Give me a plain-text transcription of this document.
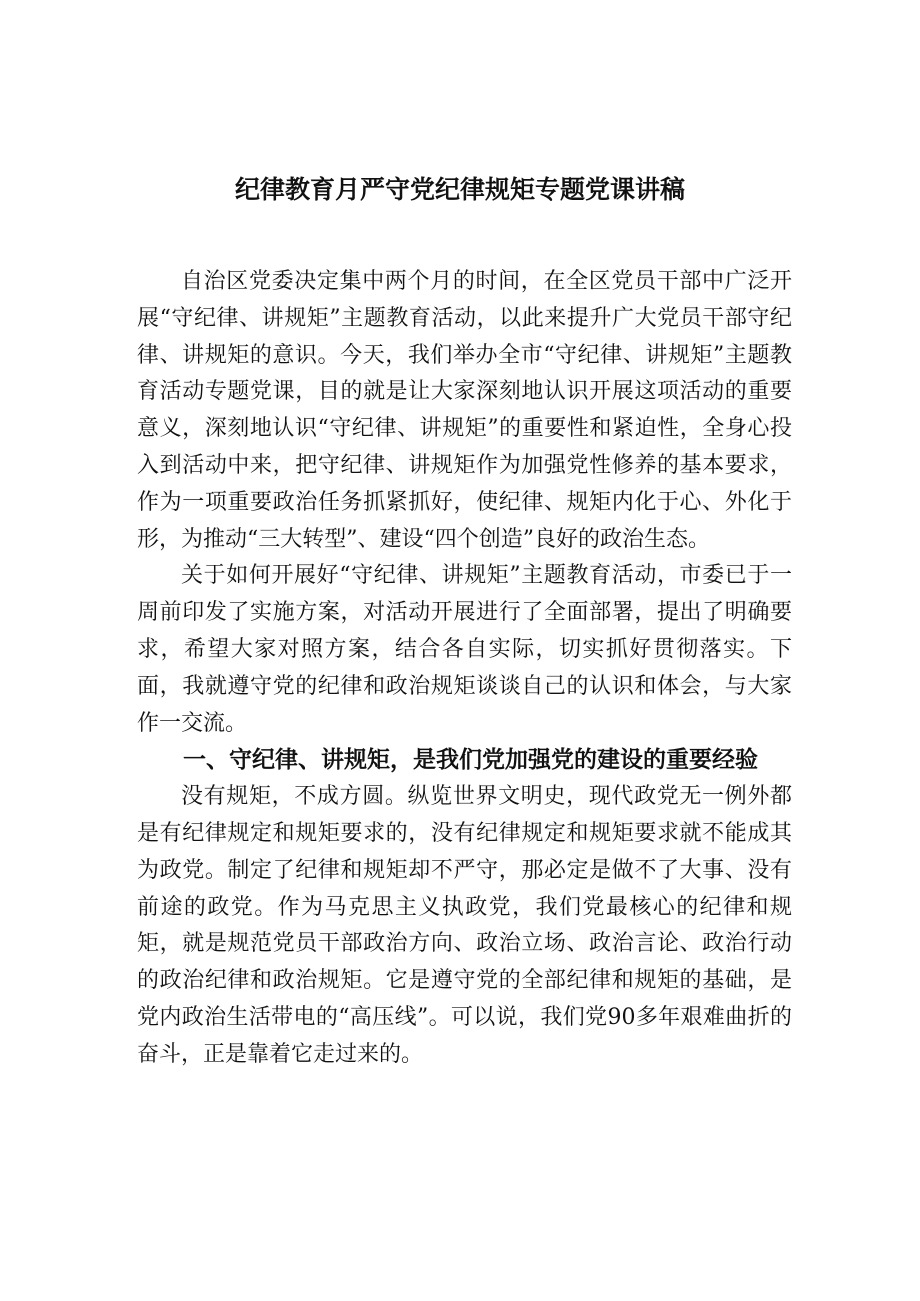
纪律教育月严守党纪律规矩专题党课讲稿

自治区党委决定集中两个月的时间，在全区党员干部中广泛开展“守纪律、讲规矩”主题教育活动，以此来提升广大党员干部守纪律、讲规矩的意识。今天，我们举办全市“守纪律、讲规矩”主题教育活动专题党课，目的就是让大家深刻地认识开展这项活动的重要意义，深刻地认识“守纪律、讲规矩”的重要性和紧迫性，全身心投入到活动中来，把守纪律、讲规矩作为加强党性修养的基本要求，作为一项重要政治任务抓紧抓好，使纪律、规矩内化于心、外化于形，为推动“三大转型”、建设“四个创造”良好的政治生态。

关于如何开展好“守纪律、讲规矩”主题教育活动，市委已于一周前印发了实施方案，对活动开展进行了全面部署，提出了明确要求，希望大家对照方案，结合各自实际，切实抓好贯彻落实。下面，我就遵守党的纪律和政治规矩谈谈自己的认识和体会，与大家作一交流。

一、守纪律、讲规矩，是我们党加强党的建设的重要经验

没有规矩，不成方圆。纵览世界文明史，现代政党无一例外都是有纪律规定和规矩要求的，没有纪律规定和规矩要求就不能成其为政党。制定了纪律和规矩却不严守，那必定是做不了大事、没有前途的政党。作为马克思主义执政党，我们党最核心的纪律和规矩，就是规范党员干部政治方向、政治立场、政治言论、政治行动的政治纪律和政治规矩。它是遵守党的全部纪律和规矩的基础，是党内政治生活带电的“高压线”。可以说，我们党90多年艰难曲折的奋斗，正是靠着它走过来的。
